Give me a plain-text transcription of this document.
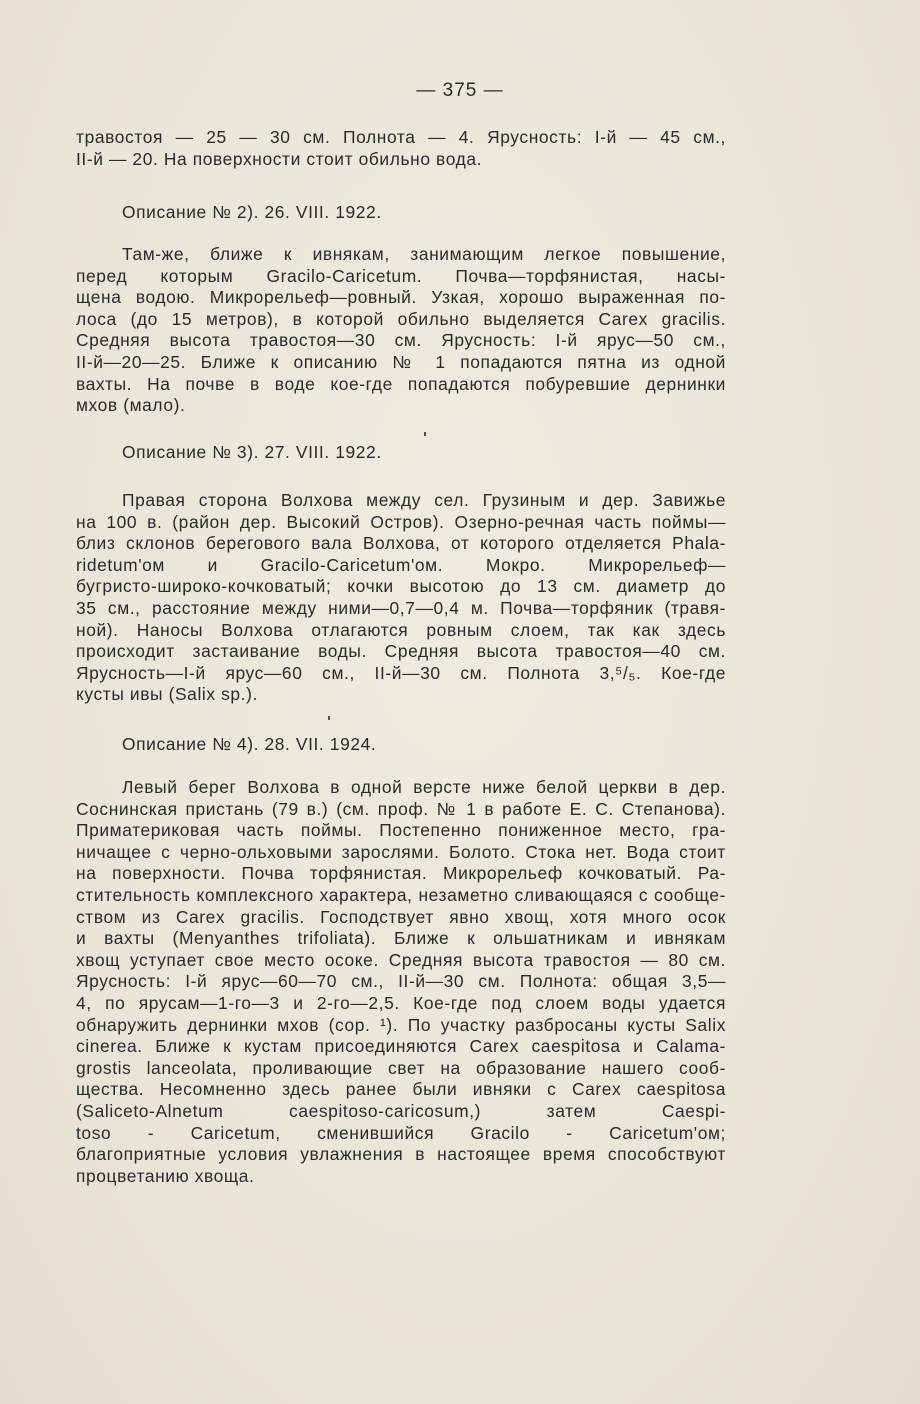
— 375 —
травостоя — 25 — 30 см. Полнота — 4. Ярусность: І-й — 45 см.,
ІІ-й — 20. На поверхности стоит обильно вода.
Описание № 2). 26. VIII. 1922.
Там-же, ближе к ивнякам, занимающим легкое повышение,
перед которым Gracilo-Caricetum. Почва—торфянистая, насы-
щена водою. Микрорельеф—ровный. Узкая, хорошо выраженная по-
лоса (до 15 метров), в которой обильно выделяется Carex gracilis.
Средняя высота травостоя—30 см. Ярусность: І-й ярус—50 см.,
ІІ-й—20—25. Ближе к описанию № 1 попадаются пятна из одной
вахты. На почве в воде кое-где попадаются побуревшие дернинки
мхов (мало).
Описание № 3). 27. VIII. 1922.
Правая сторона Волхова между сел. Грузиным и дер. Завижье
на 100 в. (район дер. Высокий Остров). Озерно-речная часть поймы—
близ склонов берегового вала Волхова, от которого отделяется Phala-
ridetum'ом и Gracilo-Caricetum'ом. Мокро. Микрорельеф—
бугристо-широко-кочковатый; кочки высотою до 13 см. диаметр до
35 см., расстояние между ними—0,7—0,4 м. Почва—торфяник (травя-
ной). Наносы Волхова отлагаются ровным слоем, так как здесь
происходит застаивание воды. Средняя высота травостоя—40 см.
Ярусность—І-й ярус—60 см., ІІ-й—30 см. Полнота 3,⁵/₅. Кое-где
кусты ивы (Salix sp.).
Описание № 4). 28. VII. 1924.
Левый берег Волхова в одной версте ниже белой церкви в дер.
Соснинская пристань (79 в.) (см. проф. № 1 в работе Е. С. Степанова).
Приматериковая часть поймы. Постепенно пониженное место, гра-
ничащее с черно-ольховыми зарослями. Болото. Стока нет. Вода стоит
на поверхности. Почва торфянистая. Микрорельеф кочковатый. Ра-
стительность комплексного характера, незаметно сливающаяся с сообще-
ством из Carex gracilis. Господствует явно хвощ, хотя много осок
и вахты (Menyanthes trifoliata). Ближе к ольшатникам и ивнякам
хвощ уступает свое место осоке. Средняя высота травостоя — 80 см.
Ярусность: І-й ярус—60—70 см., ІІ-й—30 см. Полнота: общая 3,5—
4, по ярусам—1-го—3 и 2-го—2,5. Кое-где под слоем воды удается
обнаружить дернинки мхов (сор. ¹). По участку разбросаны кусты Salix
cinerea. Ближе к кустам присоединяются Carex caespitosa и Calama-
grostis lanceolata, проливающие свет на образование нашего сооб-
щества. Несомненно здесь ранее были ивняки с Carex caespitosa
(Saliceto-Alnetum caespitoso-caricosum,) затем Caespi-
toso - Caricetum, сменившийся Gracilo - Caricetum'ом;
благоприятные условия увлажнения в настоящее время способствуют
процветанию хвоща.
